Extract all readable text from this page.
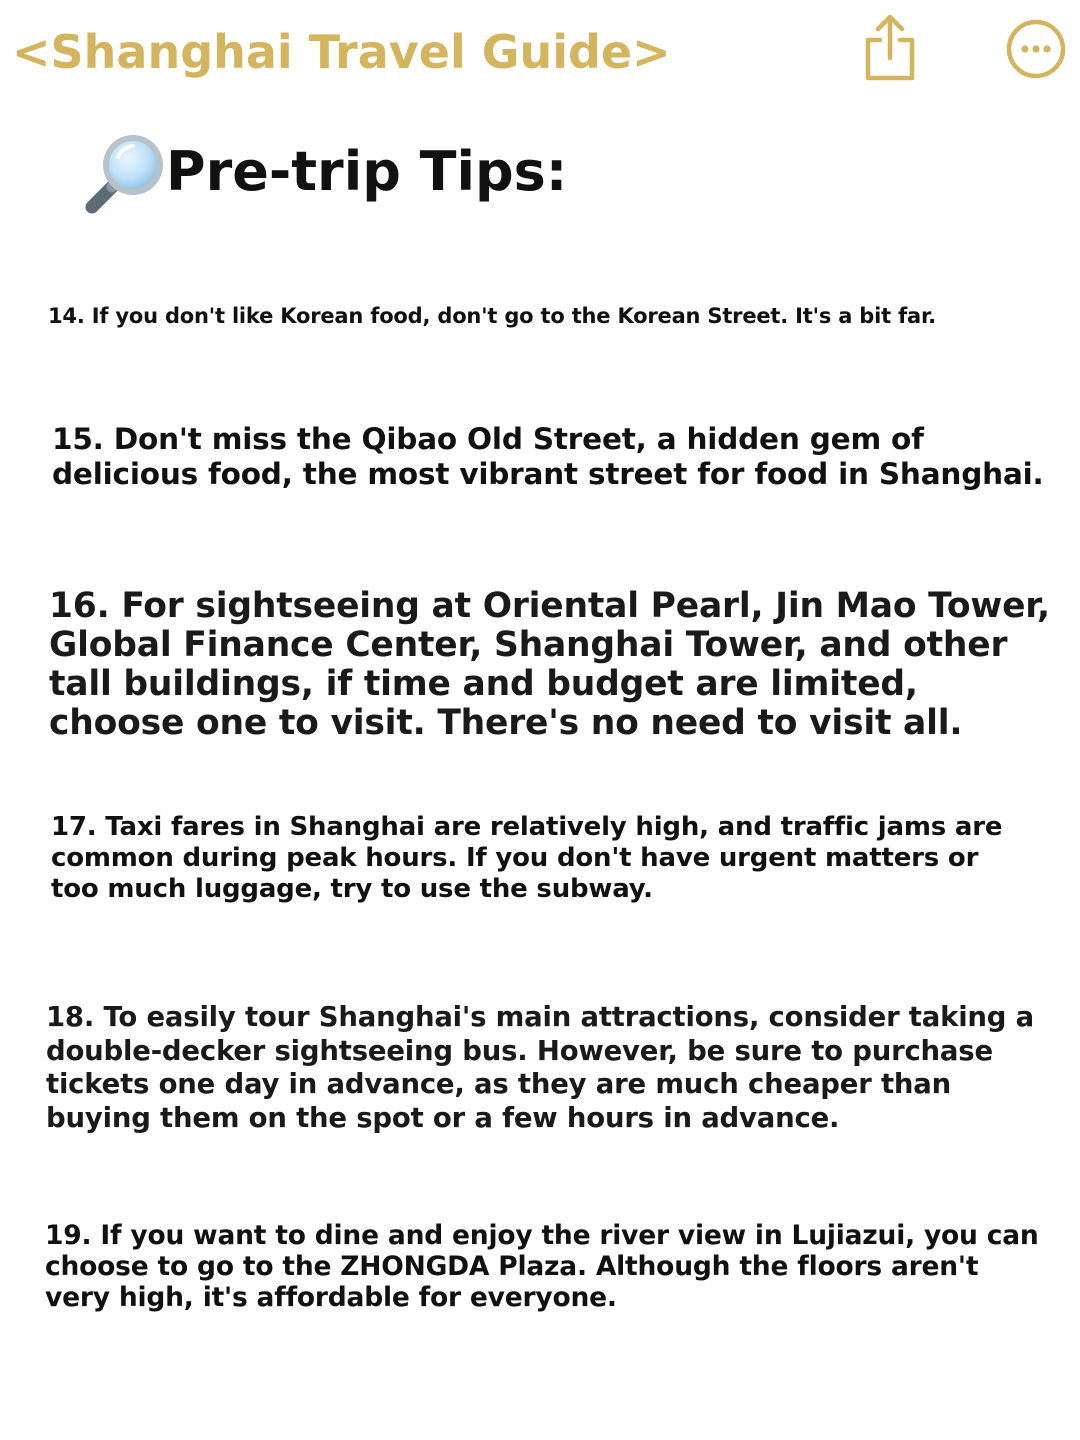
<Shanghai Travel Guide>
Pre-trip Tips:
14. If you don't like Korean food, don't go to the Korean Street. It's a bit far.
15. Don't miss the Qibao Old Street, a hidden gem of
delicious food, the most vibrant street for food in Shanghai.
16. For sightseeing at Oriental Pearl, Jin Mao Tower,
Global Finance Center, Shanghai Tower, and other
tall buildings, if time and budget are limited,
choose one to visit. There's no need to visit all.
17. Taxi fares in Shanghai are relatively high, and traffic jams are
common during peak hours. If you don't have urgent matters or
too much luggage, try to use the subway.
18. To easily tour Shanghai's main attractions, consider taking a
double-decker sightseeing bus. However, be sure to purchase
tickets one day in advance, as they are much cheaper than
buying them on the spot or a few hours in advance.
19. If you want to dine and enjoy the river view in Lujiazui, you can
choose to go to the ZHONGDA Plaza. Although the floors aren't
very high, it's affordable for everyone.
